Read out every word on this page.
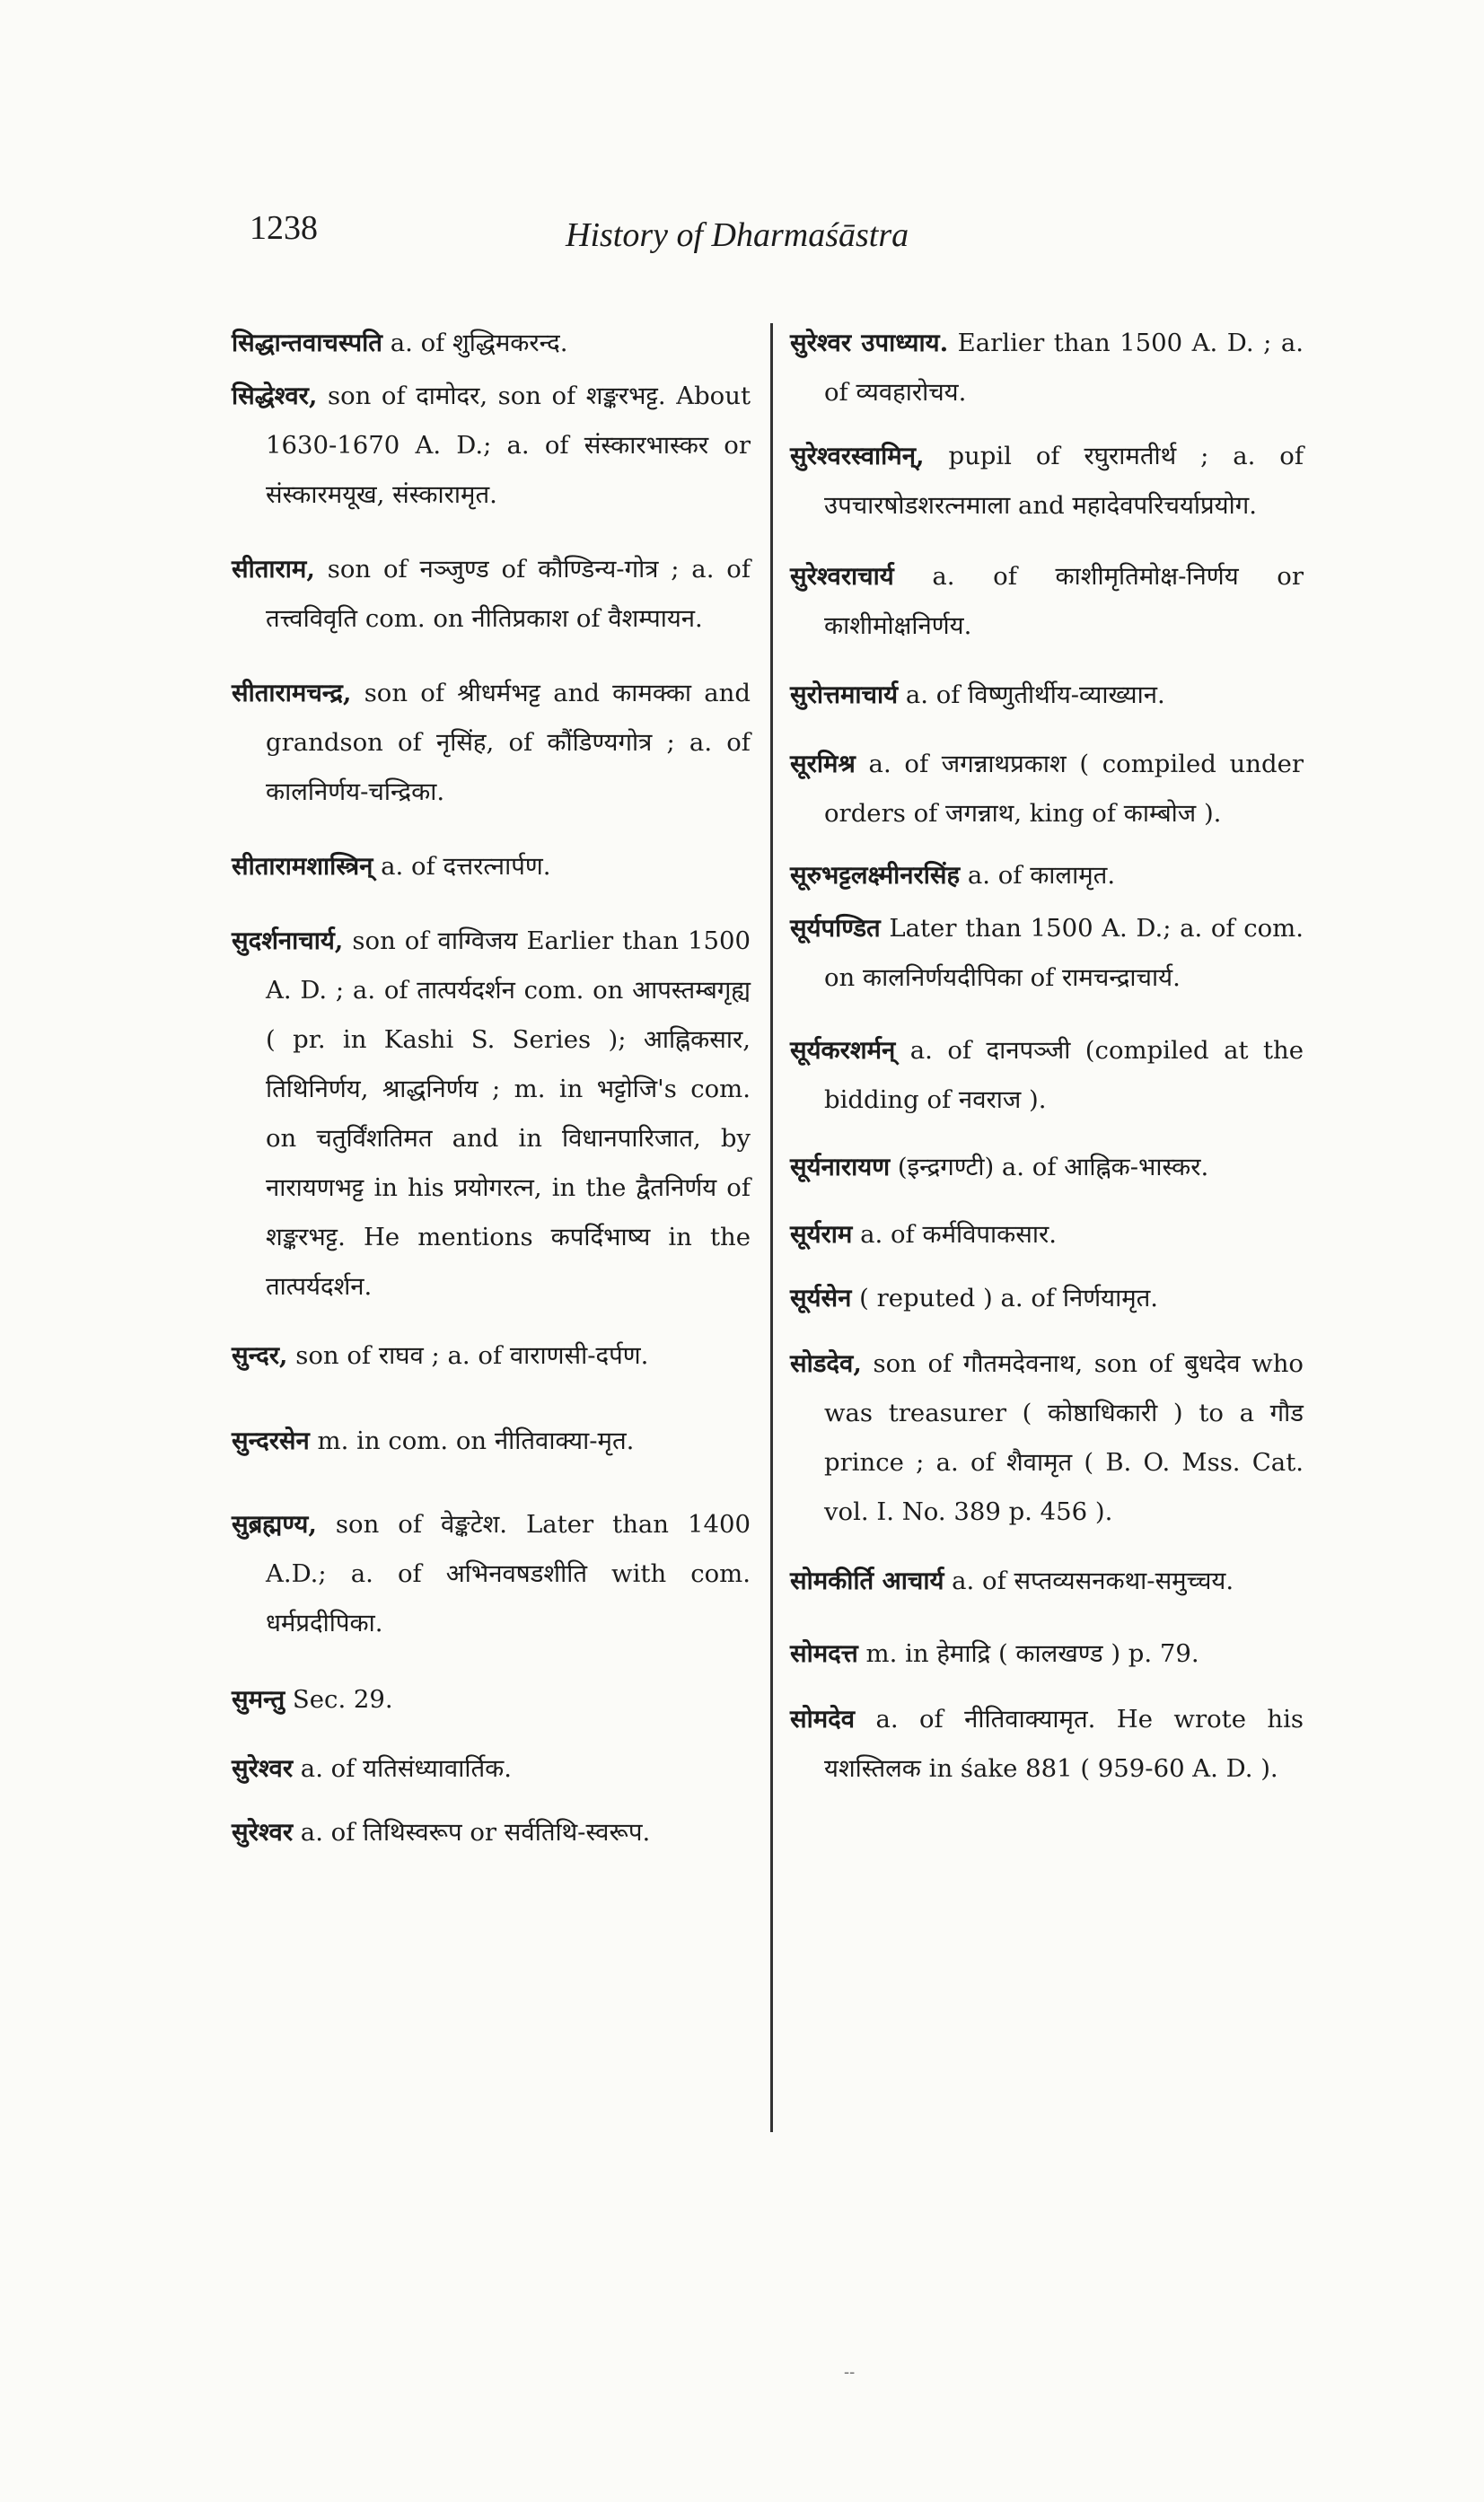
1238	History of Dharmaśāstra
सिद्धान्तवाचस्पति a. of शुद्धिमकरन्द.
सिद्धेश्वर, son of दामोदर, son of शङ्करभट्ट. About 1630-1670 A. D.; a. of संस्कारभास्कर or संस्कारमयूख, संस्कारामृत.
सीताराम, son of नञ्जुण्ड of कौण्डिन्य-गोत्र ; a. of तत्त्वविवृति com. on नीतिप्रकाश of वैशम्पायन.
सीतारामचन्द्र, son of श्रीधर्मभट्ट and कामक्का and grandson of नृसिंह, of कौंडिण्यगोत्र ; a. of कालनिर्णय-चन्द्रिका.
सीतारामशास्त्रिन् a. of दत्तरत्नार्पण.
सुदर्शनाचार्य, son of वाग्विजय Earlier than 1500 A. D. ; a. of तात्पर्यदर्शन com. on आपस्तम्बगृह्य ( pr. in Kashi S. Series ); आह्निकसार, तिथिनिर्णय, श्राद्धनिर्णय ; m. in भट्टोजि's com. on चतुर्विंशतिमत and in विधानपारिजात, by नारायणभट्ट in his प्रयोगरत्न, in the द्वैतनिर्णय of शङ्करभट्ट. He mentions कपर्दिभाष्य in the तात्पर्यदर्शन.
सुन्दर, son of राघव ; a. of वाराणसी-दर्पण.
सुन्दरसेन m. in com. on नीतिवाक्या-मृत.
सुब्रह्मण्य, son of वेङ्कटेश. Later than 1400 A.D.; a. of अभिनवषडशीति with com. धर्मप्रदीपिका.
सुमन्तु Sec. 29.
सुरेश्वर a. of यतिसंध्यावार्तिक.
सुरेश्वर a. of तिथिस्वरूप or सर्वतिथि-स्वरूप.
सुरेश्वर उपाध्याय. Earlier than 1500 A. D. ; a. of व्यवहारोचय.
सुरेश्वरस्वामिन्, pupil of रघुरामतीर्थ ; a. of उपचारषोडशरत्नमाला and महादेवपरिचर्याप्रयोग.
सुरेश्वराचार्य a. of काशीमृतिमोक्ष-निर्णय or काशीमोक्षनिर्णय.
सुरोत्तमाचार्य a. of विष्णुतीर्थीय-व्याख्यान.
सूरमिश्र a. of जगन्नाथप्रकाश ( compiled under orders of जगन्नाथ, king of काम्बोज ).
सूरुभट्टलक्ष्मीनरसिंह a. of कालामृत.
सूर्यपण्डित Later than 1500 A. D.; a. of com. on कालनिर्णयदीपिका of रामचन्द्राचार्य.
सूर्यकरशर्मन् a. of दानपञ्जी (compiled at the bidding of नवराज ).
सूर्यनारायण (इन्द्रगण्टी) a. of आह्निक-भास्कर.
सूर्यराम a. of कर्मविपाकसार.
सूर्यसेन ( reputed ) a. of निर्णयामृत.
सोडदेव, son of गौतमदेवनाथ, son of बुधदेव who was treasurer ( कोष्ठाधिकारी ) to a गौड prince ; a. of शैवामृत ( B. O. Mss. Cat. vol. I. No. 389 p. 456 ).
सोमकीर्ति आचार्य a. of सप्तव्यसनकथा-समुच्चय.
सोमदत्त m. in हेमाद्रि ( कालखण्ड ) p. 79.
सोमदेव a. of नीतिवाक्यामृत. He wrote his यशस्तिलक in śake 881 ( 959-60 A. D. ).
--
